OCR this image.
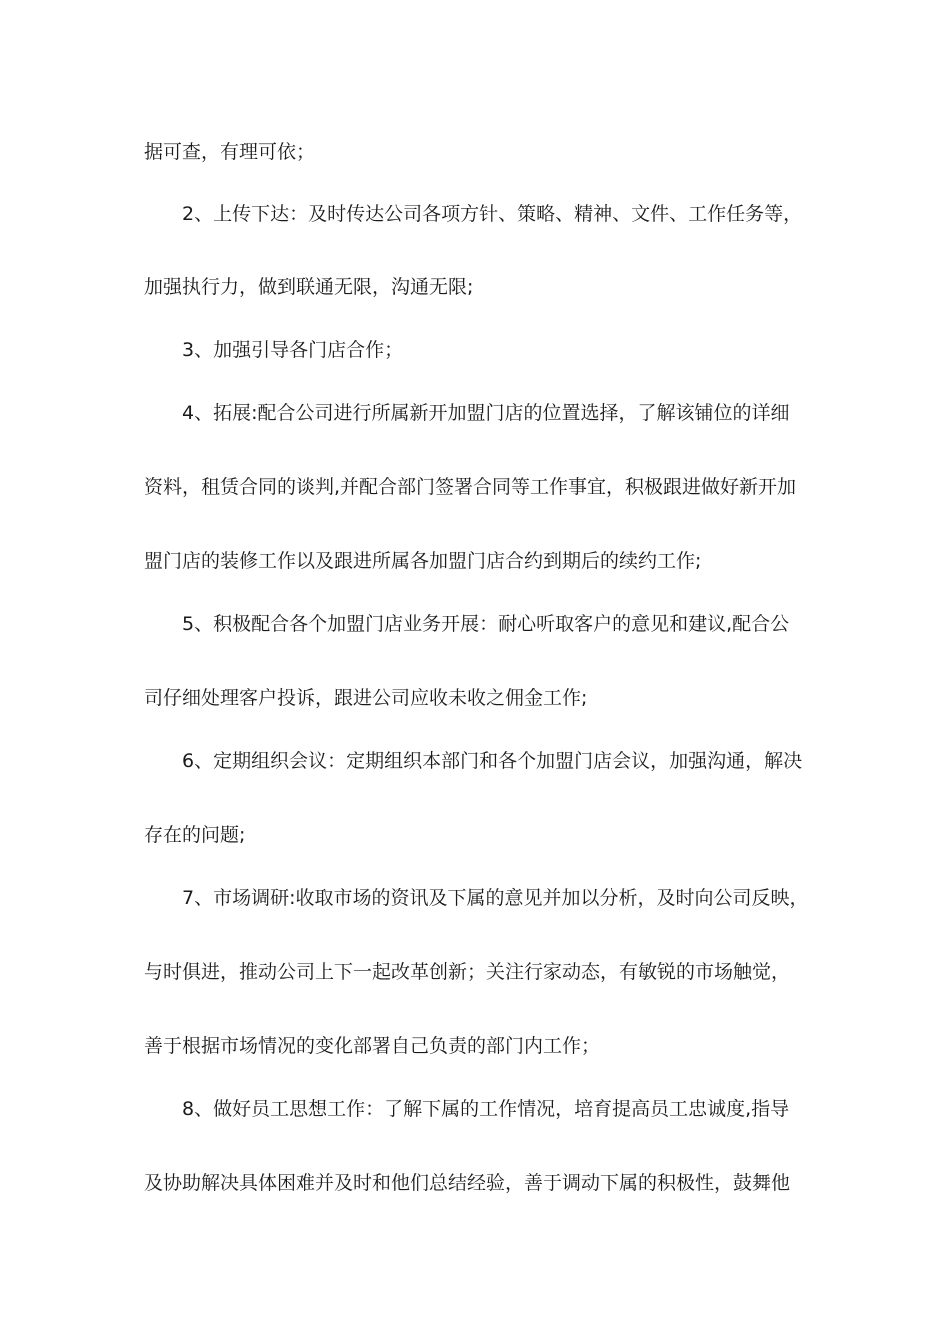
据可查，有理可依；
2、上传下达：及时传达公司各项方针、策略、精神、文件、工作任务等，
加强执行力，做到联通无限，沟通无限;
3、加强引导各门店合作；
4、拓展:配合公司进行所属新开加盟门店的位置选择，了解该铺位的详细
资料，租赁合同的谈判,并配合部门签署合同等工作事宜，积极跟进做好新开加
盟门店的装修工作以及跟进所属各加盟门店合约到期后的续约工作;
5、积极配合各个加盟门店业务开展：耐心听取客户的意见和建议,配合公
司仔细处理客户投诉，跟进公司应收未收之佣金工作;
6、定期组织会议：定期组织本部门和各个加盟门店会议，加强沟通，解决
存在的问题;
7、市场调研:收取市场的资讯及下属的意见并加以分析，及时向公司反映，
与时俱进，推动公司上下一起改革创新；关注行家动态，有敏锐的市场触觉，
善于根据市场情况的变化部署自己负责的部门内工作；
8、做好员工思想工作：了解下属的工作情况，培育提高员工忠诚度,指导
及协助解决具体困难并及时和他们总结经验，善于调动下属的积极性，鼓舞他
